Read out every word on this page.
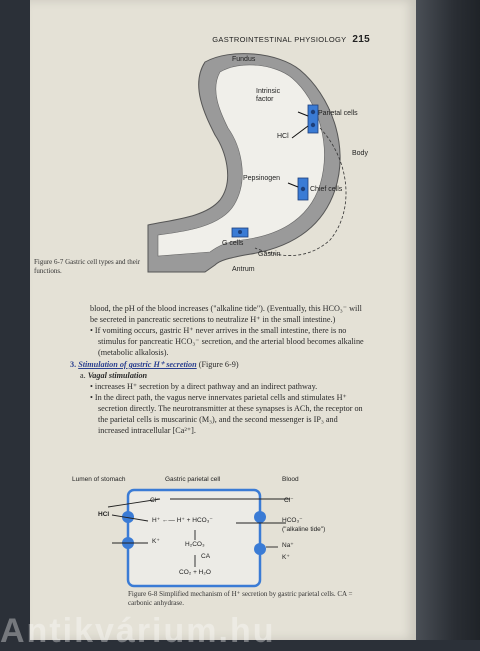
GASTROINTESTINAL PHYSIOLOGY 215
Fundus
Intrinsic factor
Parietal cells
HCl
Body
Pepsinogen
Chief cells
G cells
Gastrin
Antrum
Figure 6-7 Gastric cell types and their functions.

blood, the pH of the blood increases ("alkaline tide"). (Eventually, this HCO₃⁻ will be secreted in pancreatic secretions to neutralize H⁺ in the small intestine.)

• If vomiting occurs, gastric H⁺ never arrives in the small intestine, there is no stimulus for pancreatic HCO₃⁻ secretion, and the arterial blood becomes alkaline (metabolic alkalosis).

3. Stimulation of gastric H⁺ secretion (Figure 6-9)

a. Vagal stimulation

• increases H⁺ secretion by a direct pathway and an indirect pathway.

• In the direct path, the vagus nerve innervates parietal cells and stimulates H⁺ secretion directly. The neurotransmitter at these synapses is ACh, the receptor on the parietal cells is muscarinic (M₃), and the second messenger is IP₃ and increased intracellular [Ca²⁺].

Lumen of stomach	Gastric parietal cell	Blood
Cl⁻	Cl⁻
HCl
H⁺ ←— H⁺ + HCO₃⁻	HCO₃⁻
("alkaline tide")
K⁺	H₂CO₃
CA
Na⁺
K⁺
CO₂ + H₂O
Figure 6-8 Simplified mechanism of H⁺ secretion by gastric parietal cells. CA = carbonic anhydrase.
Antikvárium.hu
